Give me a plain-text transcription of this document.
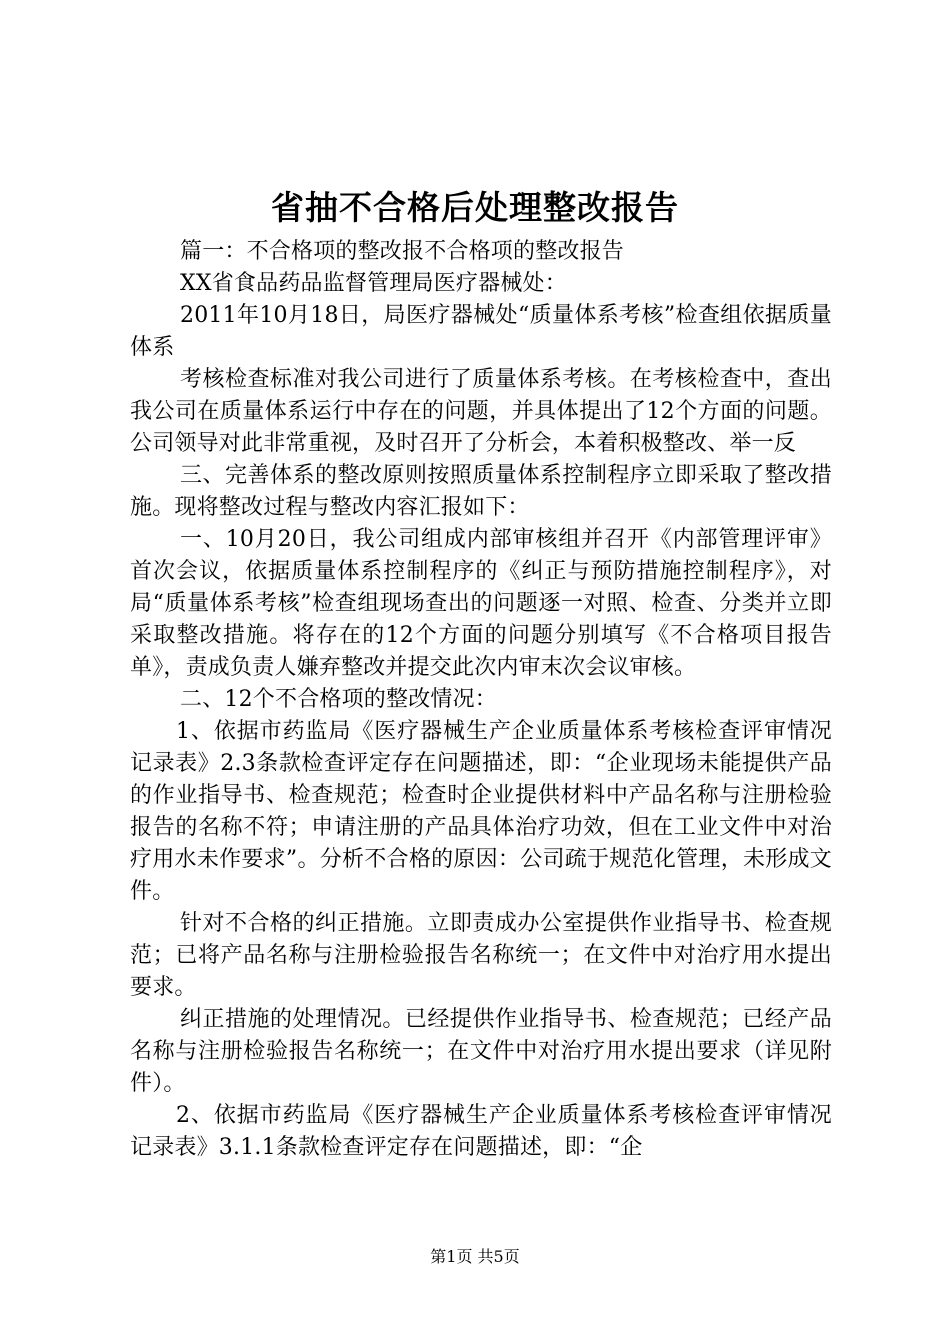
省抽不合格后处理整改报告

篇一：不合格项的整改报不合格项的整改报告

XX省食品药品监督管理局医疗器械处：

2011年10月18日，局医疗器械处“质量体系考核”检查组依据质量体系

考核检查标准对我公司进行了质量体系考核。在考核检查中，查出我公司在质量体系运行中存在的问题，并具体提出了12个方面的问题。公司领导对此非常重视，及时召开了分析会，本着积极整改、举一反

三、完善体系的整改原则按照质量体系控制程序立即采取了整改措施。现将整改过程与整改内容汇报如下：

一、10月20日，我公司组成内部审核组并召开《内部管理评审》首次会议，依据质量体系控制程序的《纠正与预防措施控制程序》，对局“质量体系考核”检查组现场查出的问题逐一对照、检查、分类并立即采取整改措施。将存在的12个方面的问题分别填写《不合格项目报告单》，责成负责人嫌弃整改并提交此次内审末次会议审核。

二、12个不合格项的整改情况：

1、依据市药监局《医疗器械生产企业质量体系考核检查评审情况记录表》2.3条款检查评定存在问题描述，即：“企业现场未能提供产品的作业指导书、检查规范；检查时企业提供材料中产品名称与注册检验报告的名称不符；申请注册的产品具体治疗功效，但在工业文件中对治疗用水未作要求”。分析不合格的原因：公司疏于规范化管理，未形成文件。

针对不合格的纠正措施。立即责成办公室提供作业指导书、检查规范；已将产品名称与注册检验报告名称统一；在文件中对治疗用水提出要求。

纠正措施的处理情况。已经提供作业指导书、检查规范；已经产品名称与注册检验报告名称统一；在文件中对治疗用水提出要求（详见附件）。

2、依据市药监局《医疗器械生产企业质量体系考核检查评审情况记录表》3.1.1条款检查评定存在问题描述，即：“企

第1页 共5页
